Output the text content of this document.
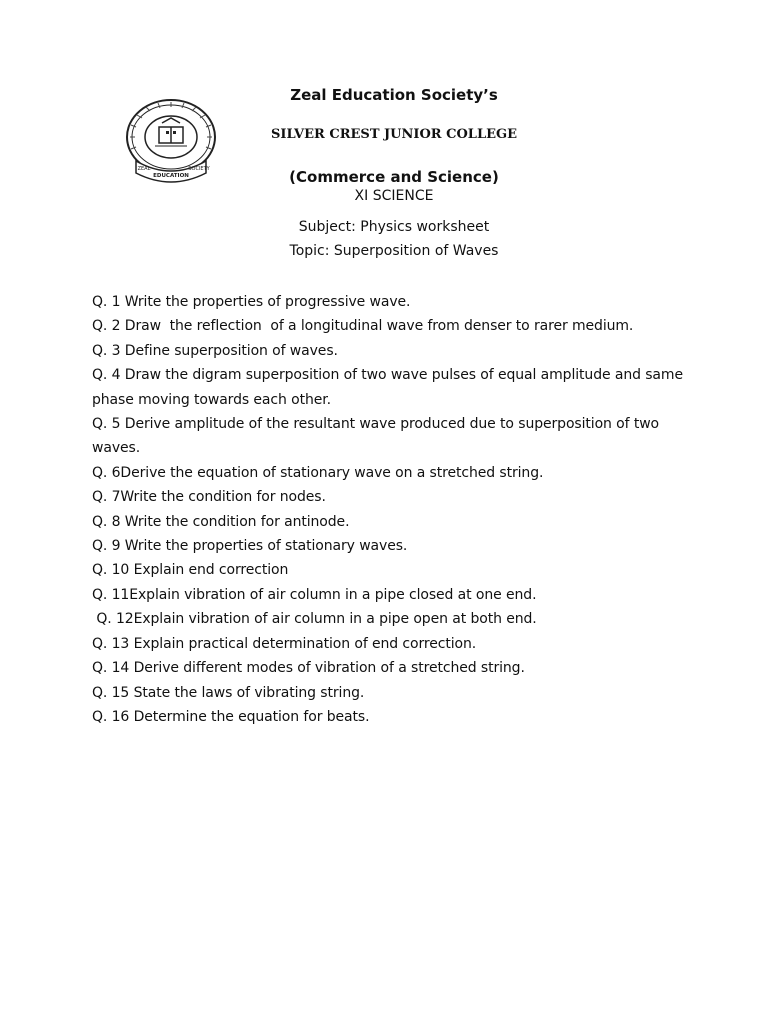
EDUCATION
ZEAL	SOCIETY
Zeal Education Society’s
SILVER CREST JUNIOR COLLEGE
(Commerce and Science)
XI SCIENCE
Subject: Physics worksheet
Topic: Superposition of Waves
Q. 1 Write the properties of progressive wave.
Q. 2 Draw  the reflection  of a longitudinal wave from denser to rarer medium.
Q. 3 Define superposition of waves.
Q. 4 Draw the digram superposition of two wave pulses of equal amplitude and same phase moving towards each other.
Q. 5 Derive amplitude of the resultant wave produced due to superposition of two waves.
Q. 6Derive the equation of stationary wave on a stretched string.
Q. 7Write the condition for nodes.
Q. 8 Write the condition for antinode.
Q. 9 Write the properties of stationary waves.
Q. 10 Explain end correction
Q. 11Explain vibration of air column in a pipe closed at one end.
Q. 12Explain vibration of air column in a pipe open at both end.
Q. 13 Explain practical determination of end correction.
Q. 14 Derive different modes of vibration of a stretched string.
Q. 15 State the laws of vibrating string.
Q. 16 Determine the equation for beats.
